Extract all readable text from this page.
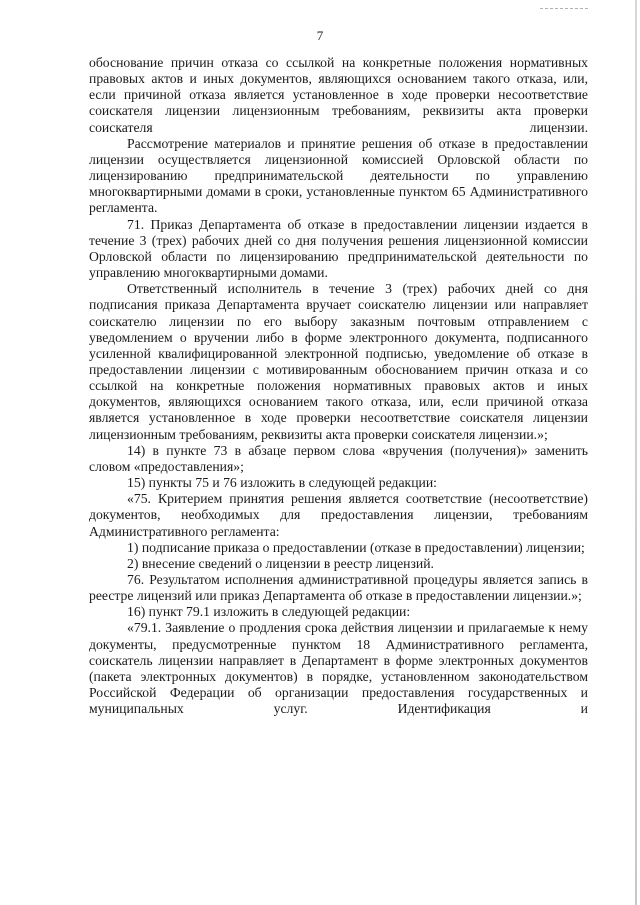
7

обоснование причин отказа со ссылкой на конкретные положения нормативных правовых актов и иных документов, являющихся основанием такого отказа, или, если причиной отказа является установленное в ходе проверки несоответствие соискателя лицензии лицензионным требованиям, реквизиты акта проверки соискателя лицензии.

Рассмотрение материалов и принятие решения об отказе в предоставлении лицензии осуществляется лицензионной комиссией Орловской области по лицензированию предпринимательской деятельности по управлению многоквартирными домами в сроки, установленные пунктом 65 Административного регламента.

71. Приказ Департамента об отказе в предоставлении лицензии издается в течение 3 (трех) рабочих дней со дня получения решения лицензионной комиссии Орловской области по лицензированию предпринимательской деятельности по управлению многоквартирными домами.

Ответственный исполнитель в течение 3 (трех) рабочих дней со дня подписания приказа Департамента вручает соискателю лицензии или направляет соискателю лицензии по его выбору заказным почтовым отправлением с уведомлением о вручении либо в форме электронного документа, подписанного усиленной квалифицированной электронной подписью, уведомление об отказе в предоставлении лицензии с мотивированным обоснованием причин отказа и со ссылкой на конкретные положения нормативных правовых актов и иных документов, являющихся основанием такого отказа, или, если причиной отказа является установленное в ходе проверки несоответствие соискателя лицензии лицензионным требованиям, реквизиты акта проверки соискателя лицензии.»;

14) в пункте 73 в абзаце первом слова «вручения (получения)» заменить словом «предоставления»;

15) пункты 75 и 76 изложить в следующей редакции:

«75. Критерием принятия решения является соответствие (несоответствие) документов, необходимых для предоставления лицензии, требованиям Административного регламента:

1) подписание приказа о предоставлении (отказе в предоставлении) лицензии;

2) внесение сведений о лицензии в реестр лицензий.

76. Результатом исполнения административной процедуры является запись в реестре лицензий или приказ Департамента об отказе в предоставлении лицензии.»;

16) пункт 79.1 изложить в следующей редакции:

«79.1. Заявление о продления срока действия лицензии и прилагаемые к нему документы, предусмотренные пунктом 18 Административного регламента, соискатель лицензии направляет в Департамент в форме электронных документов (пакета электронных документов) в порядке, установленном законодательством Российской Федерации об организации предоставления государственных и муниципальных услуг. Идентификация и
